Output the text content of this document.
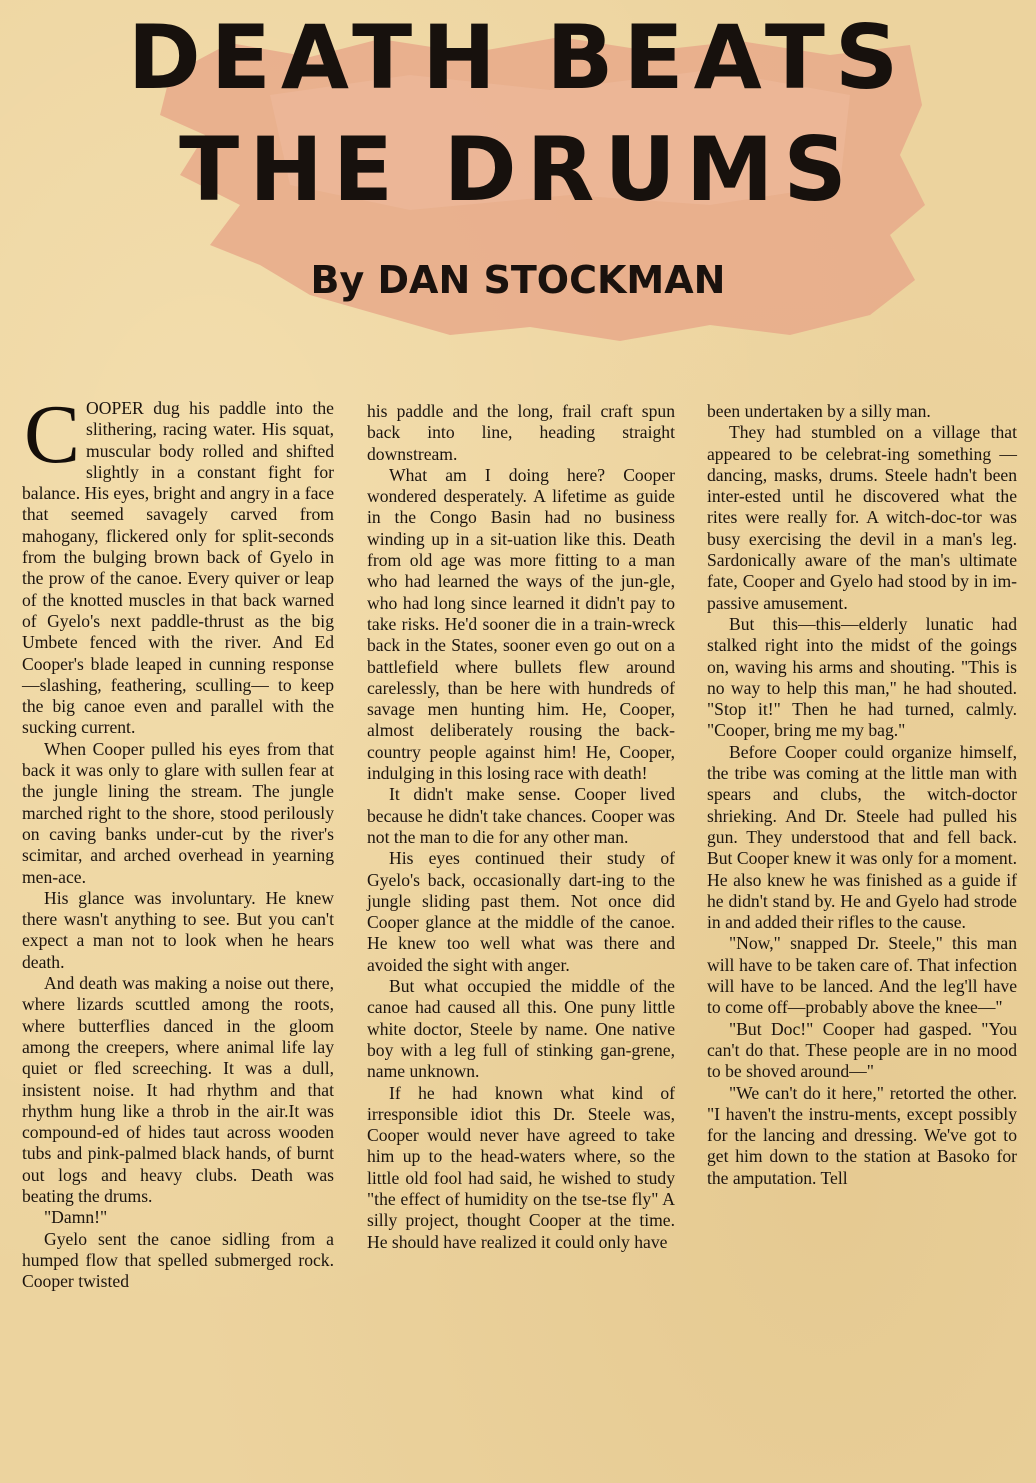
DEATH BEATS
THE DRUMS
By DAN STOCKMAN

COOPER dug his paddle into the slithering, racing water. His squat, muscular body rolled and shifted slightly in a constant fight for balance. His eyes, bright and angry in a face that seemed savagely carved from mahogany, flickered only for split-seconds from the bulging brown back of Gyelo in the prow of the canoe. Every quiver or leap of the knotted muscles in that back warned of Gyelo's next paddle-thrust as the big Umbete fenced with the river. And Ed Cooper's blade leaped in cunning response —slashing, feathering, sculling— to keep the big canoe even and parallel with the sucking current.

When Cooper pulled his eyes from that back it was only to glare with sullen fear at the jungle lining the stream. The jungle marched right to the shore, stood perilously on caving banks under-cut by the river's scimitar, and arched overhead in yearning men-ace.

His glance was involuntary. He knew there wasn't anything to see. But you can't expect a man not to look when he hears death.

And death was making a noise out there, where lizards scuttled among the roots, where butterflies danced in the gloom among the creepers, where animal life lay quiet or fled screeching. It was a dull, insistent noise. It had rhythm and that rhythm hung like a throb in the air.It was compound-ed of hides taut across wooden tubs and pink-palmed black hands, of burnt out logs and heavy clubs. Death was beating the drums.

"Damn!"

Gyelo sent the canoe sidling from a humped flow that spelled submerged rock. Cooper twisted

his paddle and the long, frail craft spun back into line, heading straight downstream.

What am I doing here? Cooper wondered desperately. A lifetime as guide in the Congo Basin had no business winding up in a sit-uation like this. Death from old age was more fitting to a man who had learned the ways of the jun-gle, who had long since learned it didn't pay to take risks. He'd sooner die in a train-wreck back in the States, sooner even go out on a battlefield where bullets flew around carelessly, than be here with hundreds of savage men hunting him. He, Cooper, almost deliberately rousing the back-country people against him! He, Cooper, indulging in this losing race with death!

It didn't make sense. Cooper lived because he didn't take chances. Cooper was not the man to die for any other man.

His eyes continued their study of Gyelo's back, occasionally dart-ing to the jungle sliding past them. Not once did Cooper glance at the middle of the canoe. He knew too well what was there and avoided the sight with anger.

But what occupied the middle of the canoe had caused all this. One puny little white doctor, Steele by name. One native boy with a leg full of stinking gan-grene, name unknown.

If he had known what kind of irresponsible idiot this Dr. Steele was, Cooper would never have agreed to take him up to the head-waters where, so the little old fool had said, he wished to study "the effect of humidity on the tse-tse fly" A silly project, thought Cooper at the time. He should have realized it could only have

been undertaken by a silly man.

They had stumbled on a village that appeared to be celebrat-ing something — dancing, masks, drums. Steele hadn't been inter-ested until he discovered what the rites were really for. A witch-doc-tor was busy exercising the devil in a man's leg. Sardonically aware of the man's ultimate fate, Cooper and Gyelo had stood by in im-passive amusement.

But this—this—elderly lunatic had stalked right into the midst of the goings on, waving his arms and shouting. "This is no way to help this man," he had shouted. "Stop it!" Then he had turned, calmly. "Cooper, bring me my bag."

Before Cooper could organize himself, the tribe was coming at the little man with spears and clubs, the witch-doctor shrieking. And Dr. Steele had pulled his gun. They understood that and fell back. But Cooper knew it was only for a moment. He also knew he was finished as a guide if he didn't stand by. He and Gyelo had strode in and added their rifles to the cause.

"Now," snapped Dr. Steele," this man will have to be taken care of. That infection will have to be lanced. And the leg'll have to come off—probably above the knee—"

"But Doc!" Cooper had gasped. "You can't do that. These people are in no mood to be shoved around—"

"We can't do it here," retorted the other. "I haven't the instru-ments, except possibly for the lancing and dressing. We've got to get him down to the station at Basoko for the amputation. Tell
